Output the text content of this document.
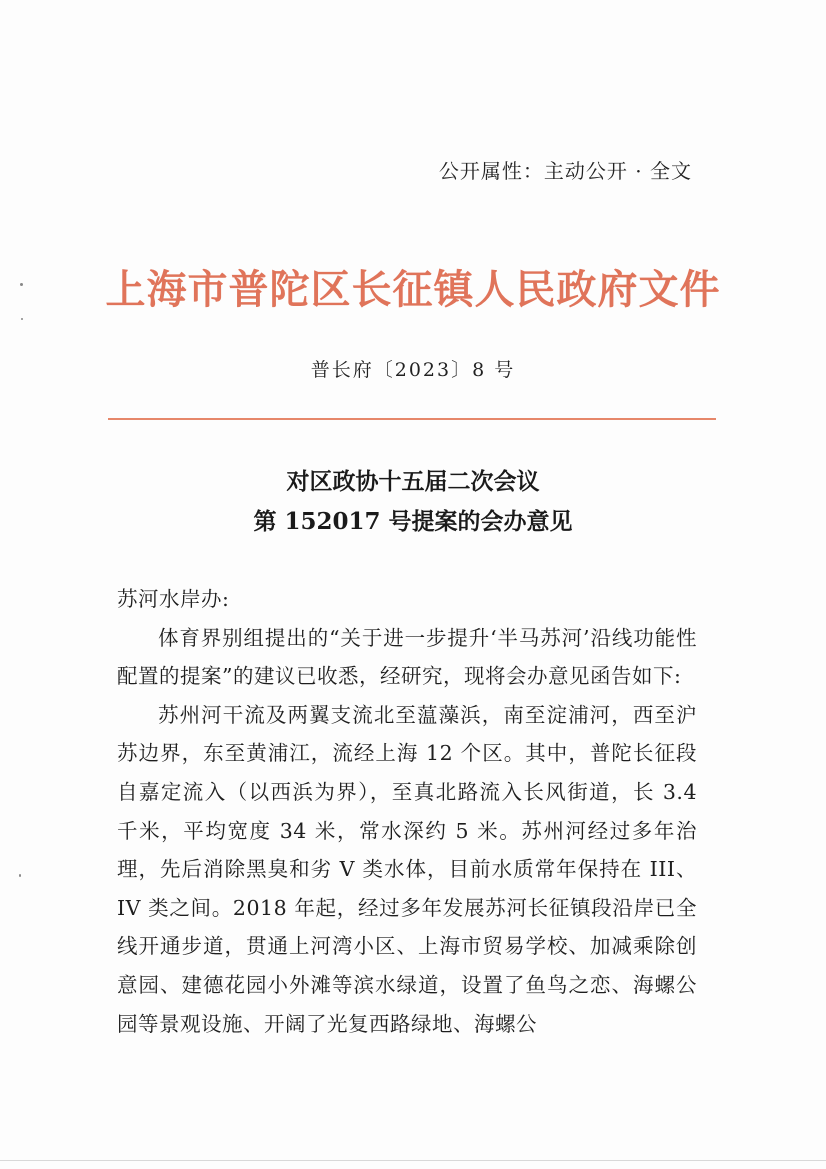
公开属性：主动公开 · 全文
上海市普陀区长征镇人民政府文件
普长府〔2023〕8 号
对区政协十五届二次会议
第 152017 号提案的会办意见
苏河水岸办:

体育界别组提出的“关于进一步提升‘半马苏河’沿线功能性配置的提案”的建议已收悉，经研究，现将会办意见函告如下:

苏州河干流及两翼支流北至蕰藻浜，南至淀浦河，西至沪苏边界，东至黄浦江，流经上海 12 个区。其中，普陀长征段自嘉定流入（以西浜为界），至真北路流入长风街道，长 3.4 千米，平均宽度 34 米，常水深约 5 米。苏州河经过多年治理，先后消除黑臭和劣 V 类水体，目前水质常年保持在 III、IV 类之间。2018 年起，经过多年发展苏河长征镇段沿岸已全线开通步道，贯通上河湾小区、上海市贸易学校、加减乘除创意园、建德花园小外滩等滨水绿道，设置了鱼鸟之恋、海螺公园等景观设施、开阔了光复西路绿地、海螺公
